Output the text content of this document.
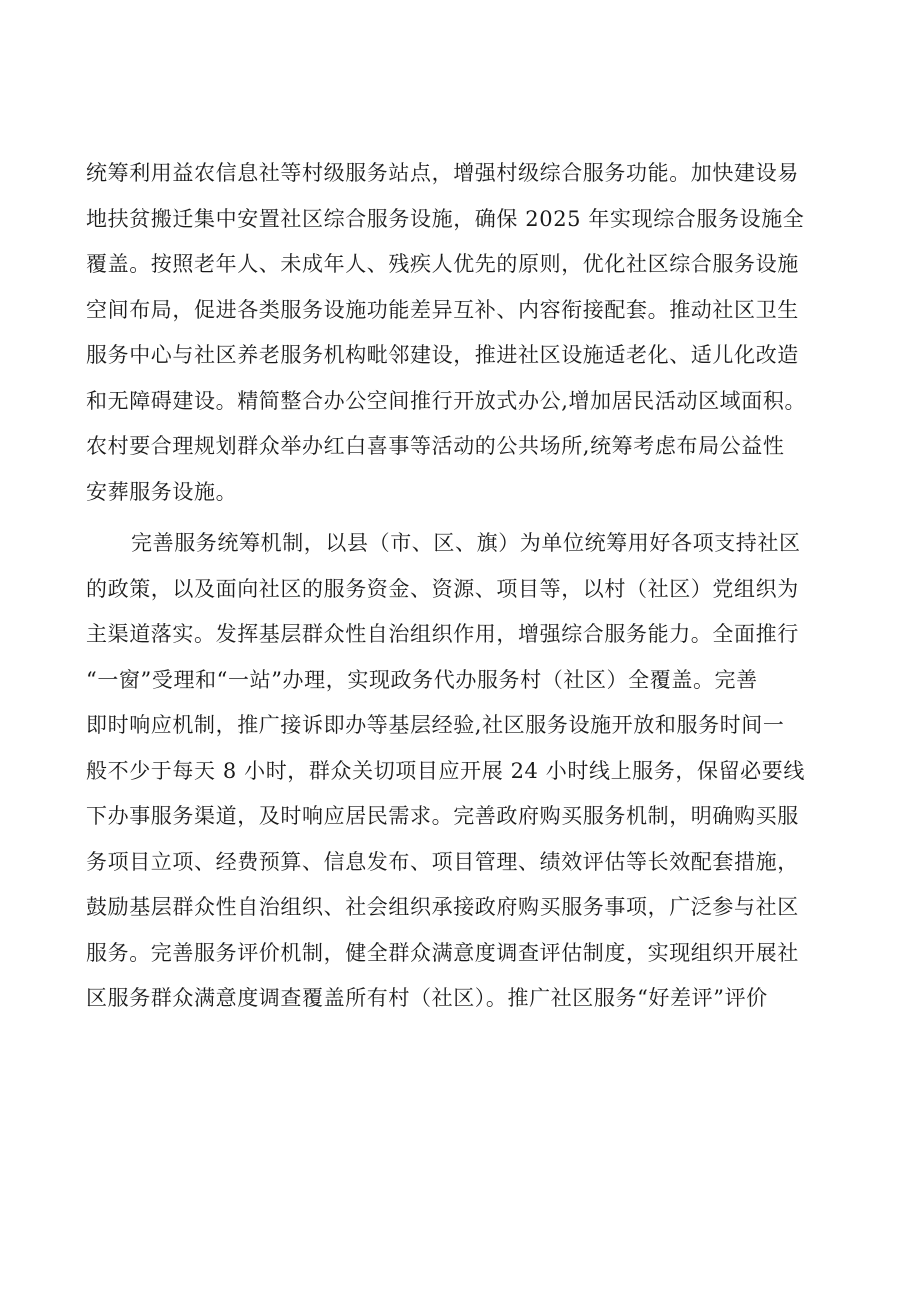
统筹利用益农信息社等村级服务站点，增强村级综合服务功能。加快建设易
地扶贫搬迁集中安置社区综合服务设施，确保 2025 年实现综合服务设施全
覆盖。按照老年人、未成年人、残疾人优先的原则，优化社区综合服务设施
空间布局，促进各类服务设施功能差异互补、内容衔接配套。推动社区卫生
服务中心与社区养老服务机构毗邻建设，推进社区设施适老化、适儿化改造
和无障碍建设。精简整合办公空间推行开放式办公,增加居民活动区域面积。
农村要合理规划群众举办红白喜事等活动的公共场所,统筹考虑布局公益性
安葬服务设施。
完善服务统筹机制，以县（市、区、旗）为单位统筹用好各项支持社区
的政策，以及面向社区的服务资金、资源、项目等，以村（社区）党组织为
主渠道落实。发挥基层群众性自治组织作用，增强综合服务能力。全面推行
“一窗”受理和“一站”办理，实现政务代办服务村（社区）全覆盖。完善
即时响应机制，推广接诉即办等基层经验,社区服务设施开放和服务时间一
般不少于每天 8 小时，群众关切项目应开展 24 小时线上服务，保留必要线
下办事服务渠道，及时响应居民需求。完善政府购买服务机制，明确购买服
务项目立项、经费预算、信息发布、项目管理、绩效评估等长效配套措施，
鼓励基层群众性自治组织、社会组织承接政府购买服务事项，广泛参与社区
服务。完善服务评价机制，健全群众满意度调查评估制度，实现组织开展社
区服务群众满意度调查覆盖所有村（社区）。推广社区服务“好差评”评价
